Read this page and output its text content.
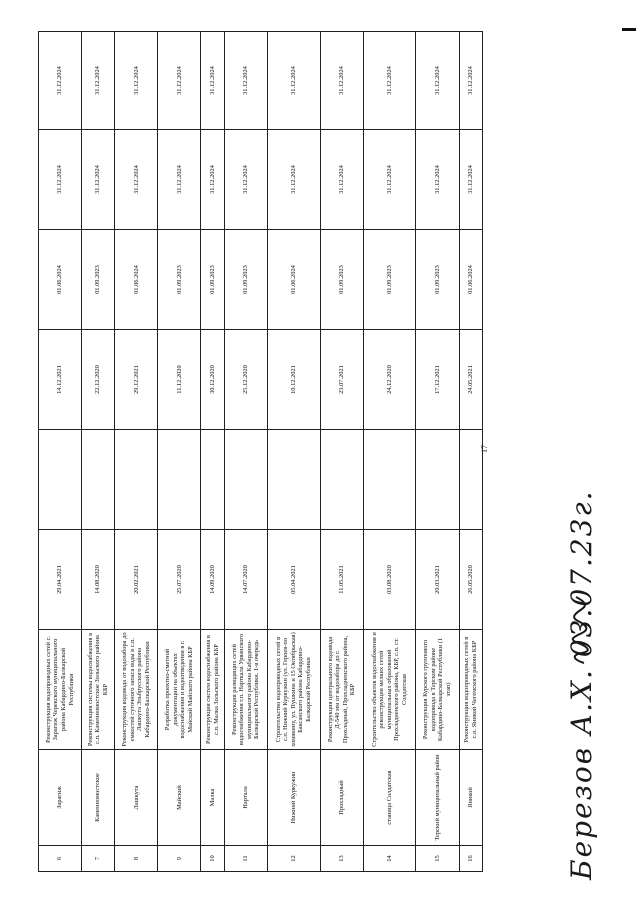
17
6	Зарагиж	Реконструкция водопроводных сетей с. Зарагиж Черекского муниципального района Кабардино-Балкарской Республики	29.04.2021		14.12.2021	01.06.2024	31.12.2024	31.12.2024
7	Каменномостское	Реконструкция системы водоснабжения в с.п. Каменномостское Зольского района КБР	14.08.2020		22.12.2020	01.09.2023	31.12.2024	31.12.2024
8	Лашкута	Реконструкция водовода от водозабора до емкостей суточного запаса воды в с.п. Лашкута Эльбрусского района Кабардино-Балкарской Республики	20.02.2021		29.12.2021	01.06.2024	31.12.2024	31.12.2024
9	Майский	Разработка проектно-сметной документации на объектах водоснабжения и водоотведения в г. Майский Майского района КБР	25.07.2020		11.12.2020	01.09.2023	31.12.2024	31.12.2024
10	Малка	Реконструкция систем водоснабжения в с.п. Малка Зольского района КБР	14.09.2020		30.12.2020	01.09.2023	31.12.2024	31.12.2024
11	Нартала	Реконструкция разводящих сетей водоснабжения г.п. Нарткала Урванского муниципального района Кабардино-Балкарской Республики. 1-я очередь	14.07.2020		25.12.2020	01.09.2023	31.12.2024	31.12.2024
12	Нижний Куркужин	Строительство водопроводных сетей в с.п. Нижний Куркужин (ул. Героев-по хомякину, ул. Пушкина и 15 Октябрьская) Баксанского района Кабардино-Балкарской Республики	05.04.2021		10.12.2021	01.06.2024	31.12.2024	31.12.2024
13	Прохладный	Реконструкция центрального водовода Д-540 мм от водозабора до г. Прохладный, Прохладненского района, КБР	11.05.2021		23.07.2021	01.09.2023	31.12.2024	31.12.2024
14	станица Солдатская	Строительство объектов водоснабжения и реконструкция мелких сетей муниципальных образований Прохладненского района, КБР, с.п. ст. Солдатская	03.08.2020		24.12.2020	01.09.2023	31.12.2024	31.12.2024
15	Терский муниципальный район	Реконструкция Курского группового водопровода в Терском районе Кабардино-Балкарской Республики (1 этап)	20.03.2021		17.12.2021	01.09.2023	31.12.2024	31.12.2024
16	Яникой	Реконструкция водопроводных сетей в с.п. Яникой Чегемского района КБР	26.05.2020		24.05.2021	01.06.2024	31.12.2024	31.12.2024
Березов А.Х. 03.07.23г.
